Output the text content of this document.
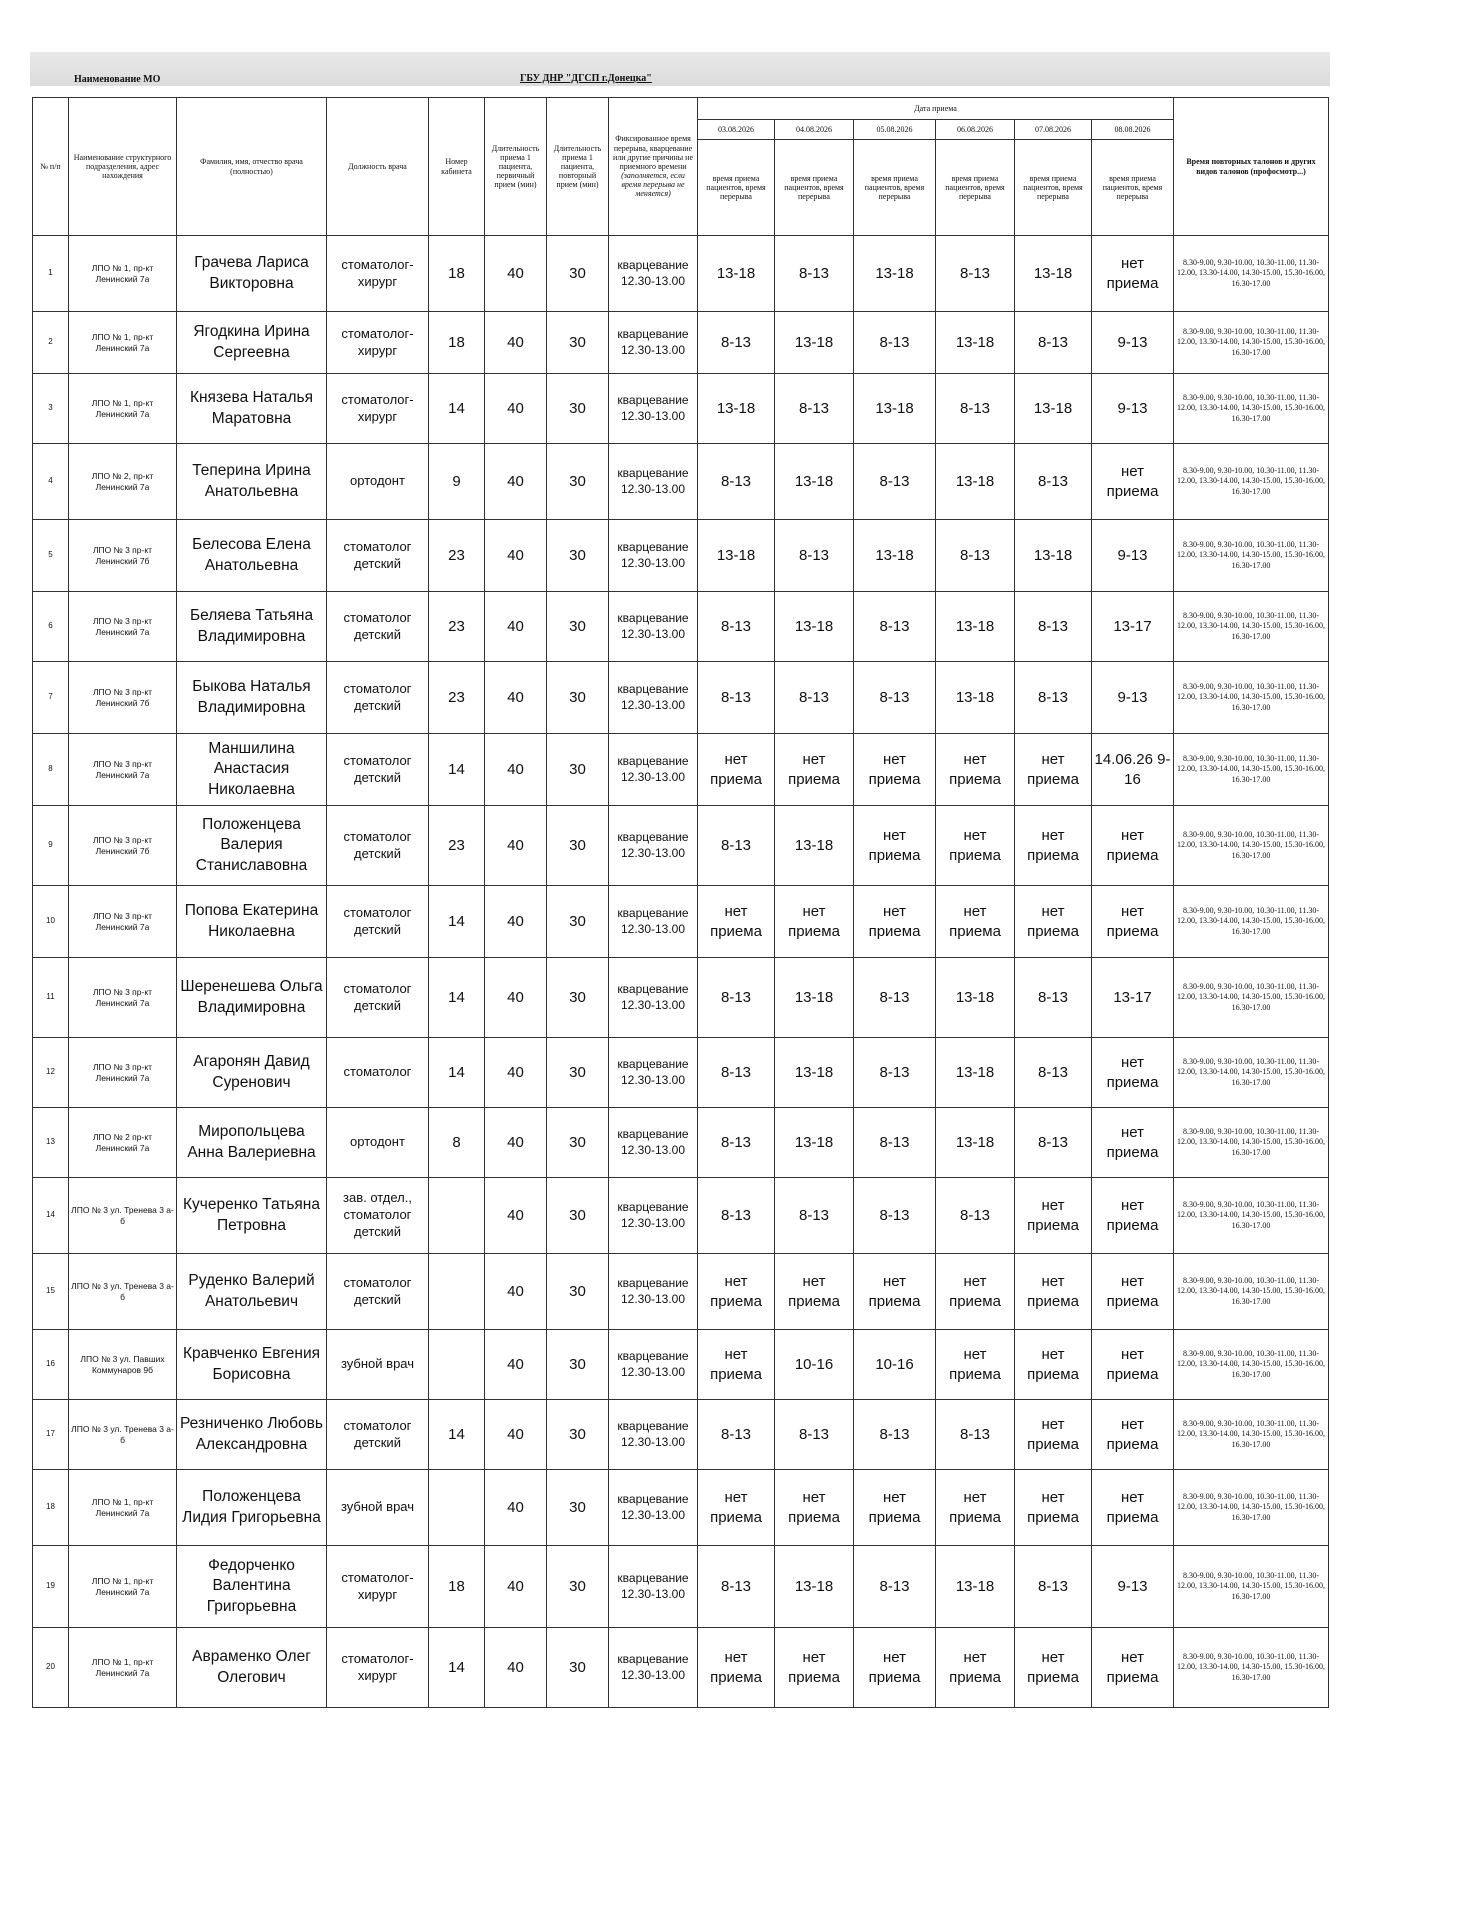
Наименование МО	ГБУ ДНР "ДГСП г.Донецка"
№ п/п	Наименование структурного подразделения, адрес нахождения	Фамилия, имя, отчество врача (полностью)	Должность врача	Номер кабинета	Длительность приема 1 пациента, первичный прием (мин)	Длительность приема 1 пациента, повторный прием (мин)	Фиксированное время перерыва, кварцевание или другие причины не приемного времени (заполняется, если время перерыва не меняется)	Дата приема						Время повторных талонов и других видов талонов (профосмотр...)
								03.08.2026	04.08.2026	05.08.2026	06.08.2026	07.08.2026	08.08.2026	
								время приема пациентов, время перерыва	время приема пациентов, время перерыва	время приема пациентов, время перерыва	время приема пациентов, время перерыва	время приема пациентов, время перерыва	время приема пациентов, время перерыва	
1	ЛПО № 1, пр-кт Ленинский 7а	Грачева Лариса Викторовна	стоматолог-хирург	18	40	30	кварцевание 12.30-13.00	13-18	8-13	13-18	8-13	13-18	нет приема	8.30-9.00, 9.30-10.00, 10.30-11.00, 11.30-12.00, 13.30-14.00, 14.30-15.00, 15.30-16.00, 16.30-17.00
2	ЛПО № 1, пр-кт Ленинский 7а	Ягодкина Ирина Сергеевна	стоматолог-хирург	18	40	30	кварцевание 12.30-13.00	8-13	13-18	8-13	13-18	8-13	9-13	8.30-9.00, 9.30-10.00, 10.30-11.00, 11.30-12.00, 13.30-14.00, 14.30-15.00, 15.30-16.00, 16.30-17.00
3	ЛПО № 1, пр-кт Ленинский 7а	Князева Наталья Маратовна	стоматолог-хирург	14	40	30	кварцевание 12.30-13.00	13-18	8-13	13-18	8-13	13-18	9-13	8.30-9.00, 9.30-10.00, 10.30-11.00, 11.30-12.00, 13.30-14.00, 14.30-15.00, 15.30-16.00, 16.30-17.00
4	ЛПО № 2, пр-кт Ленинский 7а	Теперина Ирина Анатольевна	ортодонт	9	40	30	кварцевание 12.30-13.00	8-13	13-18	8-13	13-18	8-13	нет приема	8.30-9.00, 9.30-10.00, 10.30-11.00, 11.30-12.00, 13.30-14.00, 14.30-15.00, 15.30-16.00, 16.30-17.00
5	ЛПО № 3 пр-кт Ленинский 7б	Белесова Елена Анатольевна	стоматолог детский	23	40	30	кварцевание 12.30-13.00	13-18	8-13	13-18	8-13	13-18	9-13	8.30-9.00, 9.30-10.00, 10.30-11.00, 11.30-12.00, 13.30-14.00, 14.30-15.00, 15.30-16.00, 16.30-17.00
6	ЛПО № 3 пр-кт Ленинский 7а	Беляева Татьяна Владимировна	стоматолог детский	23	40	30	кварцевание 12.30-13.00	8-13	13-18	8-13	13-18	8-13	13-17	8.30-9.00, 9.30-10.00, 10.30-11.00, 11.30-12.00, 13.30-14.00, 14.30-15.00, 15.30-16.00, 16.30-17.00
7	ЛПО № 3 пр-кт Ленинский 7б	Быкова Наталья Владимировна	стоматолог детский	23	40	30	кварцевание 12.30-13.00	8-13	8-13	8-13	13-18	8-13	9-13	8.30-9.00, 9.30-10.00, 10.30-11.00, 11.30-12.00, 13.30-14.00, 14.30-15.00, 15.30-16.00, 16.30-17.00
8	ЛПО № 3 пр-кт Ленинский 7а	Маншилина Анастасия Николаевна	стоматолог детский	14	40	30	кварцевание 12.30-13.00	нет приема	нет приема	нет приема	нет приема	нет приема	14.06.26 9-16	8.30-9.00, 9.30-10.00, 10.30-11.00, 11.30-12.00, 13.30-14.00, 14.30-15.00, 15.30-16.00, 16.30-17.00
9	ЛПО № 3 пр-кт Ленинский 7б	Положенцева Валерия Станиславовна	стоматолог детский	23	40	30	кварцевание 12.30-13.00	8-13	13-18	нет приема	нет приема	нет приема	нет приема	8.30-9.00, 9.30-10.00, 10.30-11.00, 11.30-12.00, 13.30-14.00, 14.30-15.00, 15.30-16.00, 16.30-17.00
10	ЛПО № 3 пр-кт Ленинский 7а	Попова Екатерина Николаевна	стоматолог детский	14	40	30	кварцевание 12.30-13.00	нет приема	нет приема	нет приема	нет приема	нет приема	нет приема	8.30-9.00, 9.30-10.00, 10.30-11.00, 11.30-12.00, 13.30-14.00, 14.30-15.00, 15.30-16.00, 16.30-17.00
11	ЛПО № 3 пр-кт Ленинский 7а	Шеренешева Ольга Владимировна	стоматолог детский	14	40	30	кварцевание 12.30-13.00	8-13	13-18	8-13	13-18	8-13	13-17	8.30-9.00, 9.30-10.00, 10.30-11.00, 11.30-12.00, 13.30-14.00, 14.30-15.00, 15.30-16.00, 16.30-17.00
12	ЛПО № 3 пр-кт Ленинский 7а	Агаронян Давид Суренович	стоматолог	14	40	30	кварцевание 12.30-13.00	8-13	13-18	8-13	13-18	8-13	нет приема	8.30-9.00, 9.30-10.00, 10.30-11.00, 11.30-12.00, 13.30-14.00, 14.30-15.00, 15.30-16.00, 16.30-17.00
13	ЛПО № 2 пр-кт Ленинский 7а	Миропольцева Анна Валериевна	ортодонт	8	40	30	кварцевание 12.30-13.00	8-13	13-18	8-13	13-18	8-13	нет приема	8.30-9.00, 9.30-10.00, 10.30-11.00, 11.30-12.00, 13.30-14.00, 14.30-15.00, 15.30-16.00, 16.30-17.00
14	ЛПО № 3 ул. Тренева 3 а-б	Кучеренко Татьяна Петровна	зав. отдел., стоматолог детский		40	30	кварцевание 12.30-13.00	8-13	8-13	8-13	8-13	нет приема	нет приема	8.30-9.00, 9.30-10.00, 10.30-11.00, 11.30-12.00, 13.30-14.00, 14.30-15.00, 15.30-16.00, 16.30-17.00
15	ЛПО № 3 ул. Тренева 3 а-б	Руденко Валерий Анатольевич	стоматолог детский		40	30	кварцевание 12.30-13.00	нет приема	нет приема	нет приема	нет приема	нет приема	нет приема	8.30-9.00, 9.30-10.00, 10.30-11.00, 11.30-12.00, 13.30-14.00, 14.30-15.00, 15.30-16.00, 16.30-17.00
16	ЛПО № 3 ул. Павших Коммунаров 9б	Кравченко Евгения Борисовна	зубной врач		40	30	кварцевание 12.30-13.00	нет приема	10-16	10-16	нет приема	нет приема	нет приема	8.30-9.00, 9.30-10.00, 10.30-11.00, 11.30-12.00, 13.30-14.00, 14.30-15.00, 15.30-16.00, 16.30-17.00
17	ЛПО № 3 ул. Тренева 3 а-б	Резниченко Любовь Александровна	стоматолог детский	14	40	30	кварцевание 12.30-13.00	8-13	8-13	8-13	8-13	нет приема	нет приема	8.30-9.00, 9.30-10.00, 10.30-11.00, 11.30-12.00, 13.30-14.00, 14.30-15.00, 15.30-16.00, 16.30-17.00
18	ЛПО № 1, пр-кт Ленинский 7а	Положенцева Лидия Григорьевна	зубной врач		40	30	кварцевание 12.30-13.00	нет приема	нет приема	нет приема	нет приема	нет приема	нет приема	8.30-9.00, 9.30-10.00, 10.30-11.00, 11.30-12.00, 13.30-14.00, 14.30-15.00, 15.30-16.00, 16.30-17.00
19	ЛПО № 1, пр-кт Ленинский 7а	Федорченко Валентина Григорьевна	стоматолог-хирург	18	40	30	кварцевание 12.30-13.00	8-13	13-18	8-13	13-18	8-13	9-13	8.30-9.00, 9.30-10.00, 10.30-11.00, 11.30-12.00, 13.30-14.00, 14.30-15.00, 15.30-16.00, 16.30-17.00
20	ЛПО № 1, пр-кт Ленинский 7а	Авраменко Олег Олегович	стоматолог-хирург	14	40	30	кварцевание 12.30-13.00	нет приема	нет приема	нет приема	нет приема	нет приема	нет приема	8.30-9.00, 9.30-10.00, 10.30-11.00, 11.30-12.00, 13.30-14.00, 14.30-15.00, 15.30-16.00, 16.30-17.00
